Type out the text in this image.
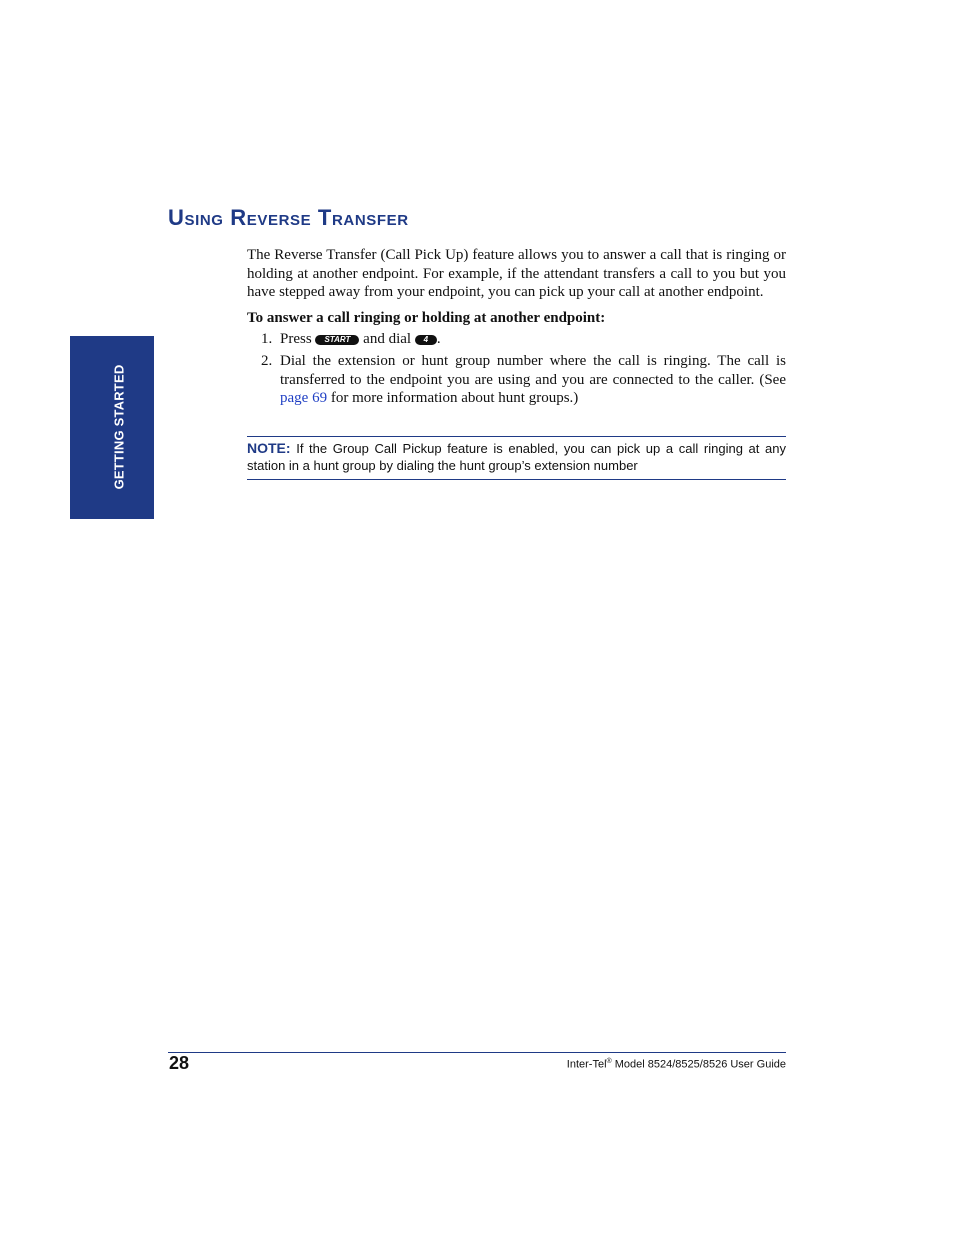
GETTING STARTED
Using Reverse Transfer

The Reverse Transfer (Call Pick Up) feature allows you to answer a call that is ringing or holding at another endpoint. For example, if the attendant transfers a call to you but you have stepped away from your endpoint, you can pick up your call at another endpoint.

To answer a call ringing or holding at another endpoint:

1. Press START and dial 4 .
2. Dial the extension or hunt group number where the call is ringing. The call is transferred to the endpoint you are using and you are connected to the caller. (See page 69 for more information about hunt groups.)
NOTE: If the Group Call Pickup feature is enabled, you can pick up a call ringing at any station in a hunt group by dialing the hunt group’s extension number
28	Inter-Tel® Model 8524/8525/8526 User Guide
